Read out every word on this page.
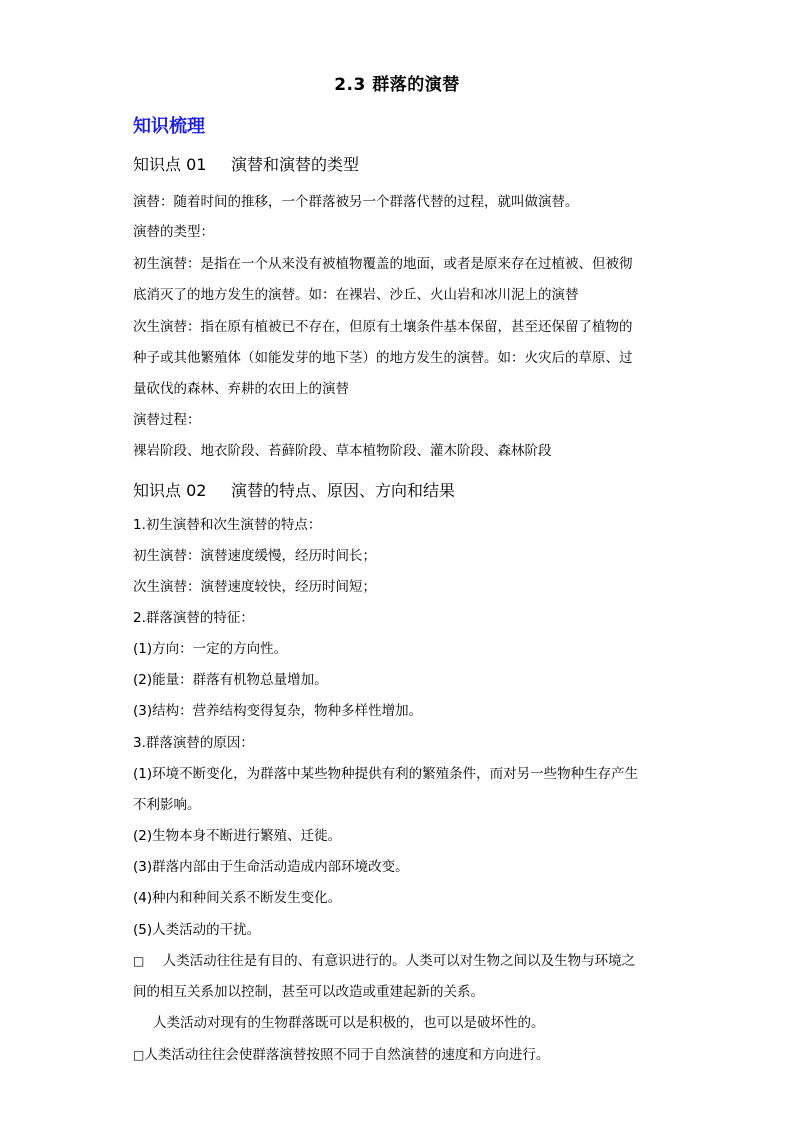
2.3 群落的演替
知识梳理
知识点 01 演替和演替的类型
演替：随着时间的推移，一个群落被另一个群落代替的过程，就叫做演替。
演替的类型：
初生演替：是指在一个从来没有被植物覆盖的地面，或者是原来存在过植被、但被彻
底消灭了的地方发生的演替。如：在裸岩、沙丘、火山岩和冰川泥上的演替
次生演替：指在原有植被已不存在，但原有土壤条件基本保留，甚至还保留了植物的
种子或其他繁殖体（如能发芽的地下茎）的地方发生的演替。如：火灾后的草原、过
量砍伐的森林、弃耕的农田上的演替
演替过程：
裸岩阶段、地衣阶段、苔藓阶段、草本植物阶段、灌木阶段、森林阶段
知识点 02 演替的特点、原因、方向和结果
1.初生演替和次生演替的特点：
初生演替：演替速度缓慢，经历时间长；
次生演替：演替速度较快，经历时间短；
2.群落演替的特征：
(1)方向：一定的方向性。
(2)能量：群落有机物总量增加。
(3)结构：营养结构变得复杂，物种多样性增加。
3.群落演替的原因：
(1)环境不断变化，为群落中某些物种提供有利的繁殖条件，而对另一些物种生存产生
不利影响。
(2)生物本身不断进行繁殖、迁徙。
(3)群落内部由于生命活动造成内部环境改变。
(4)种内和种间关系不断发生变化。
(5)人类活动的干扰。
□ 人类活动往往是有目的、有意识进行的。人类可以对生物之间以及生物与环境之
间的相互关系加以控制，甚至可以改造或重建起新的关系。
人类活动对现有的生物群落既可以是积极的，也可以是破坏性的。
□人类活动往往会使群落演替按照不同于自然演替的速度和方向进行。
